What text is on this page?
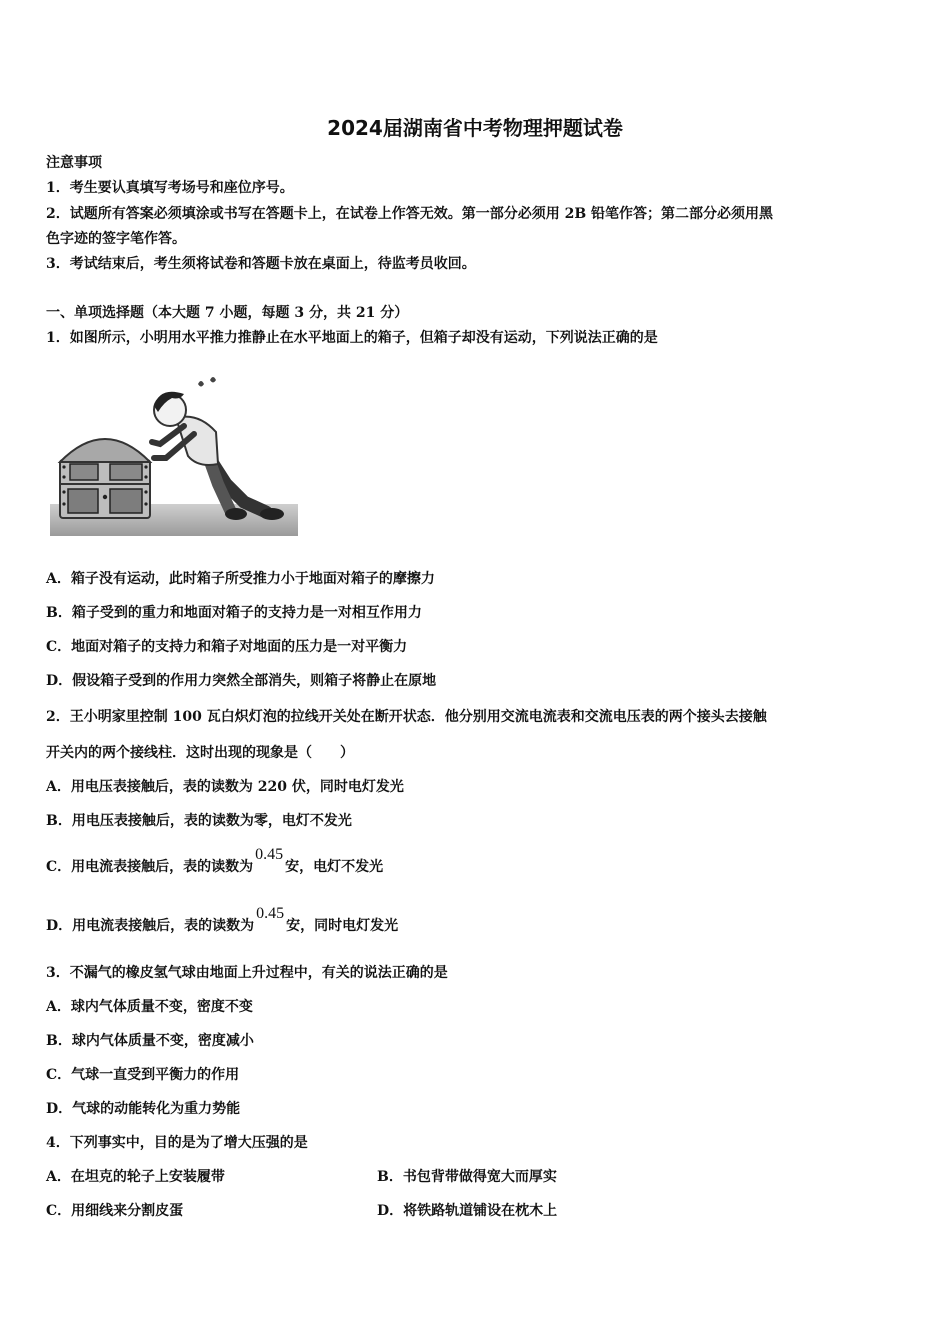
2024届湖南省中考物理押题试卷
注意事项
1．考生要认真填写考场号和座位序号。
2．试题所有答案必须填涂或书写在答题卡上，在试卷上作答无效。第一部分必须用 2B 铅笔作答；第二部分必须用黑
色字迹的签字笔作答。
3．考试结束后，考生须将试卷和答题卡放在桌面上，待监考员收回。
一、单项选择题（本大题 7 小题，每题 3 分，共 21 分）
1．如图所示，小明用水平推力推静止在水平地面上的箱子，但箱子却没有运动，下列说法正确的是
A．箱子没有运动，此时箱子所受推力小于地面对箱子的摩擦力
B．箱子受到的重力和地面对箱子的支持力是一对相互作用力
C．地面对箱子的支持力和箱子对地面的压力是一对平衡力
D．假设箱子受到的作用力突然全部消失，则箱子将静止在原地
2．王小明家里控制 100 瓦白炽灯泡的拉线开关处在断开状态．他分别用交流电流表和交流电压表的两个接头去接触
开关内的两个接线柱．这时出现的现象是（　　）
A．用电压表接触后，表的读数为 220 伏，同时电灯发光
B．用电压表接触后，表的读数为零，电灯不发光
C．用电流表接触后，表的读数为0.45安，电灯不发光
D．用电流表接触后，表的读数为0.45安，同时电灯发光
3．不漏气的橡皮氢气球由地面上升过程中，有关的说法正确的是
A．球内气体质量不变，密度不变
B．球内气体质量不变，密度减小
C．气球一直受到平衡力的作用
D．气球的动能转化为重力势能
4．下列事实中，目的是为了增大压强的是
A．在坦克的轮子上安装履带	B．书包背带做得宽大而厚实
C．用细线来分割皮蛋	D．将铁路轨道铺设在枕木上
